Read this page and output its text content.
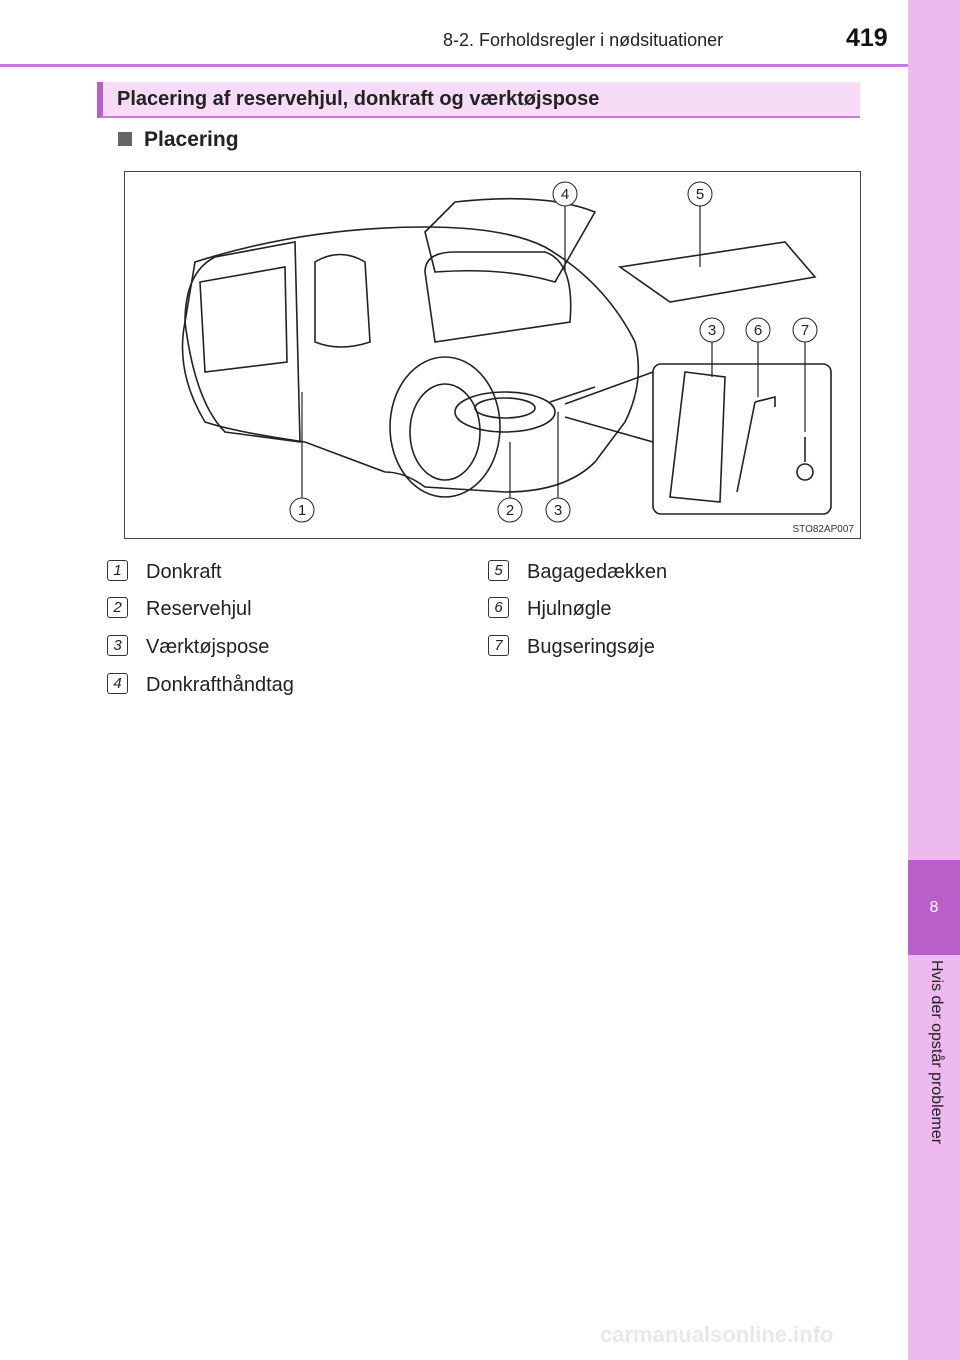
8
Hvis der opstår problemer
8-2. Forholdsregler i nødsituationer	419
Placering af reservehjul, donkraft og værktøjspose
Placering
1	2	3
4	5
3	6	7
STO82AP007
1 Donkraft
2 Reservehjul
3 Værktøjspose
4 Donkrafthåndtag
5 Bagagedækken
6 Hjulnøgle
7 Bugseringsøje
carmanualsonline.info
